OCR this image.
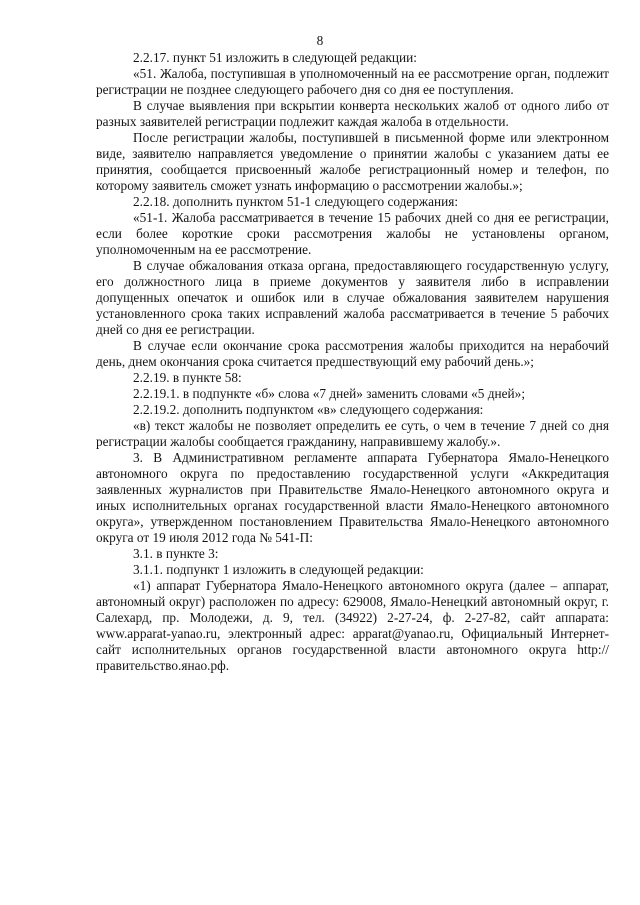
8

2.2.17. пункт 51 изложить в следующей редакции:

«51. Жалоба, поступившая в уполномоченный на ее рассмотрение орган, подлежит регистрации не позднее следующего рабочего дня со дня ее поступления.

В случае выявления при вскрытии конверта нескольких жалоб от одного либо от разных заявителей регистрации подлежит каждая жалоба в отдельности.

После регистрации жалобы, поступившей в письменной форме или электронном виде, заявителю направляется уведомление о принятии жалобы с указанием даты ее принятия, сообщается присвоенный жалобе регистрационный номер и телефон, по которому заявитель сможет узнать информацию о рассмотрении жалобы.»;

2.2.18. дополнить пунктом 51-1 следующего содержания:

«51-1. Жалоба рассматривается в течение 15 рабочих дней со дня ее регистрации, если более короткие сроки рассмотрения жалобы не установлены органом, уполномоченным на ее рассмотрение.

В случае обжалования отказа органа, предоставляющего государственную услугу, его должностного лица в приеме документов у заявителя либо в исправлении допущенных опечаток и ошибок или в случае обжалования заявителем нарушения установленного срока таких исправлений жалоба рассматривается в течение 5 рабочих дней со дня ее регистрации.

В случае если окончание срока рассмотрения жалобы приходится на нерабочий день, днем окончания срока считается предшествующий ему рабочий день.»;

2.2.19. в пункте 58:

2.2.19.1. в подпункте «б» слова «7 дней» заменить словами «5 дней»;

2.2.19.2. дополнить подпунктом «в» следующего содержания:

«в) текст жалобы не позволяет определить ее суть, о чем в течение 7 дней со дня регистрации жалобы сообщается гражданину, направившему жалобу.».

3. В Административном регламенте аппарата Губернатора Ямало-Ненецкого автономного округа по предоставлению государственной услуги «Аккредитация заявленных журналистов при Правительстве Ямало-Ненецкого автономного округа и иных исполнительных органах государственной власти Ямало-Ненецкого автономного округа», утвержденном постановлением Правительства Ямало-Ненецкого автономного округа от 19 июля 2012 года № 541-П:

3.1. в пункте 3:

3.1.1. подпункт 1 изложить в следующей редакции:

«1) аппарат Губернатора Ямало-Ненецкого автономного округа (далее – аппарат, автономный округ) расположен по адресу: 629008, Ямало-Ненецкий автономный округ, г. Салехард, пр. Молодежи, д. 9, тел. (34922) 2-27-24, ф. 2-27-82, сайт аппарата: www.apparat-yanao.ru, электронный адрес: apparat@yanao.ru, Официальный Интернет-сайт исполнительных органов государственной власти автономного округа http://правительство.янао.рф.
